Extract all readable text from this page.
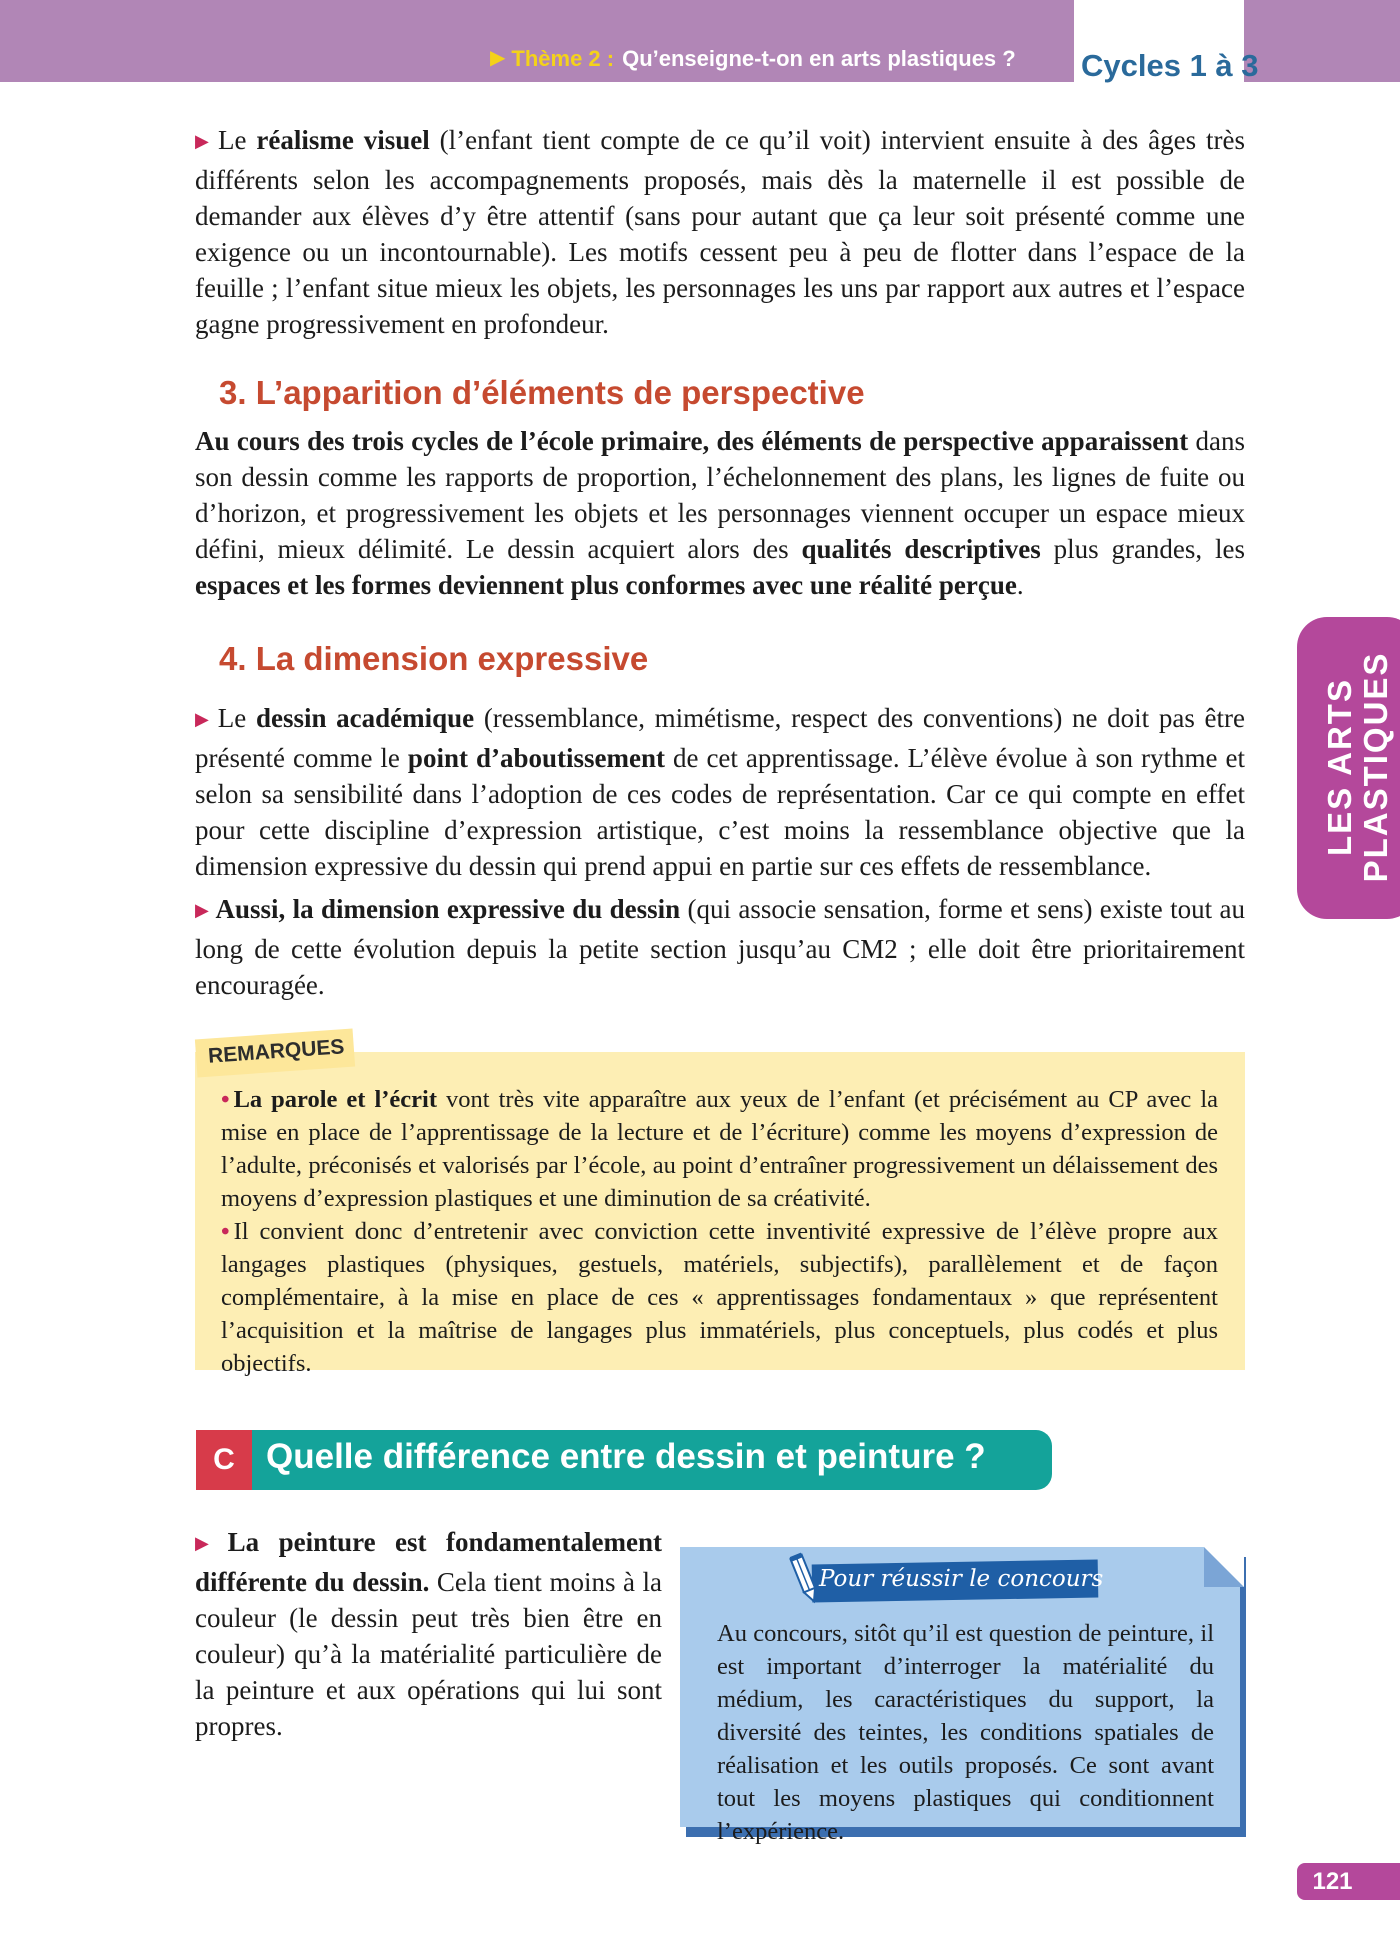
▶ Thème 2 : Qu’enseigne-t-on en arts plastiques ? Cycles 1 à 3
LES ARTS PLASTIQUES

▶ Le réalisme visuel (l’enfant tient compte de ce qu’il voit) intervient ensuite à des âges très différents selon les accompagnements proposés, mais dès la maternelle il est possible de demander aux élèves d’y être attentif (sans pour autant que ça leur soit présenté comme une exigence ou un incontournable). Les motifs cessent peu à peu de flotter dans l’espace de la feuille ; l’enfant situe mieux les objets, les personnages les uns par rapport aux autres et l’espace gagne progressivement en profondeur.

3. L’apparition d’éléments de perspective

Au cours des trois cycles de l’école primaire, des éléments de perspective apparaissent dans son dessin comme les rapports de proportion, l’échelonnement des plans, les lignes de fuite ou d’horizon, et progressivement les objets et les personnages viennent occuper un espace mieux défini, mieux délimité. Le dessin acquiert alors des qualités descriptives plus grandes, les espaces et les formes deviennent plus conformes avec une réalité perçue.

4. La dimension expressive

▶ Le dessin académique (ressemblance, mimétisme, respect des conventions) ne doit pas être présenté comme le point d’aboutissement de cet apprentissage. L’élève évolue à son rythme et selon sa sensibilité dans l’adoption de ces codes de représentation. Car ce qui compte en effet pour cette discipline d’expression artistique, c’est moins la ressemblance objective que la dimension expressive du dessin qui prend appui en partie sur ces effets de ressemblance.

▶ Aussi, la dimension expressive du dessin (qui associe sensation, forme et sens) existe tout au long de cette évolution depuis la petite section jusqu’au CM2 ; elle doit être prioritairement encouragée.

REMARQUES

• La parole et l’écrit vont très vite apparaître aux yeux de l’enfant (et précisément au CP avec la mise en place de l’apprentissage de la lecture et de l’écriture) comme les moyens d’expression de l’adulte, préconisés et valorisés par l’école, au point d’entraîner progressivement un délaissement des moyens d’expression plastiques et une diminution de sa créativité.

• Il convient donc d’entretenir avec conviction cette inventivité expressive de l’élève propre aux langages plastiques (physiques, gestuels, matériels, subjectifs), parallèlement et de façon complémentaire, à la mise en place de ces « apprentissages fondamentaux » que représentent l’acquisition et la maîtrise de langages plus immatériels, plus conceptuels, plus codés et plus objectifs.

C Quelle différence entre dessin et peinture ?

▶ La peinture est fondamentalement différente du dessin. Cela tient moins à la couleur (le dessin peut très bien être en couleur) qu’à la matérialité particulière de la peinture et aux opérations qui lui sont propres.

Pour réussir le concours

Au concours, sitôt qu’il est question de peinture, il est important d’interroger la matérialité du médium, les caractéristiques du support, la diversité des teintes, les conditions spatiales de réalisation et les outils proposés. Ce sont avant tout les moyens plastiques qui conditionnent l’expérience.

121
